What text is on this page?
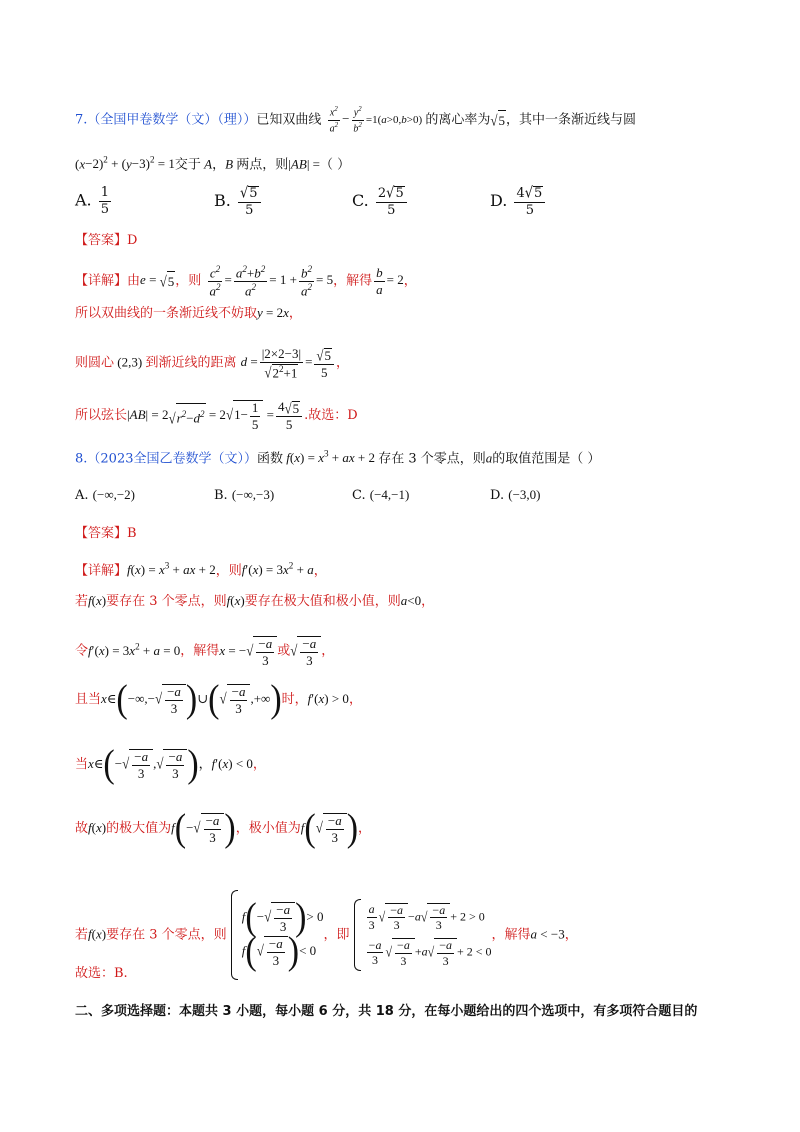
7.（全国甲卷数学（文）（理））已知双曲线 $\frac{x^2}{a^2} - \frac{y^2}{b^2} =1(a>0,b>0)$ 的离心率为√5，其中一条渐近线与圆
$(x-2)^2 + (y-3)^2 = 1$交于 A，B 两点，则|AB| =（ ）
A. $\frac{1}{5}$	B. $\frac{√5}{5}$	C. $\frac{2√5}{5}$	D. $\frac{4√5}{5}$
【答案】D
【详解】由e = √5，则 $\frac{c^2}{a^2} = \frac{a^2+b^2}{a^2} = 1 + \frac{b^2}{a^2} = 5$，解得 $\frac{b}{a} = 2$，
所以双曲线的一条渐近线不妨取y = 2x，
则圆心 (2,3) 到渐近线的距离 $d = \frac{|2\times 2-3|}{√2^2+1} = \frac{√5}{5}$ ，
所以弦长$|AB| = 2√r^2-d^2 = 2√1- \frac{1}{5} = \frac{4√5}{5}$ .故选：D
8.（2023全国乙卷数学（文））函数 $f(x) = x^3$ + ax + 2 存在 3 个零点，则a的取值范围是（ ）
A. (−∞,−2)	B. (−∞,−3)	C. (−4,−1)	D. (−3,0)
【答案】B
【详解】$f(x) = x^3$ + ax + 2，则$f'(x) = 3x^2 + a$，
若f(x)要存在 3 个零点，则f(x)要存在极大值和极小值，则a<0，
令$f'(x) = 3x^2 + a = 0$，解得x = −√ $\frac{-a}{3}$ 或√ $\frac{-a}{3}$ ，
且当x∈(−∞,−√ $\frac{-a}{3}$ )∪(√ $\frac{-a}{3}$ ,+∞)时，f′(x) > 0，
当x∈(−√ $\frac{-a}{3}$ ,√ $\frac{-a}{3}$ )，f′(x) < 0，
故f(x)的极大值为$f(-√ \frac{-a}{3}$ )，极小值为$f(√ \frac{-a}{3}$ )，
若f(x)要存在 3 个零点，则
$f(-√ \frac{-a}{3}$ )> 0
$f(√ \frac{-a}{3}$ )< 0
，即
$\frac{a}{3}$ √ $\frac{-a}{3} -a√ \frac{-a}{3} + 2 > 0$
$\frac{-a}{3}$ √ $\frac{-a}{3} +a√ \frac{-a}{3} + 2 < 0$
，解得a < −3，
故选：B.
二、多项选择题：本题共 3 小题，每小题 6 分，共 18 分，在每小题给出的四个选项中，有多项符合题目的
